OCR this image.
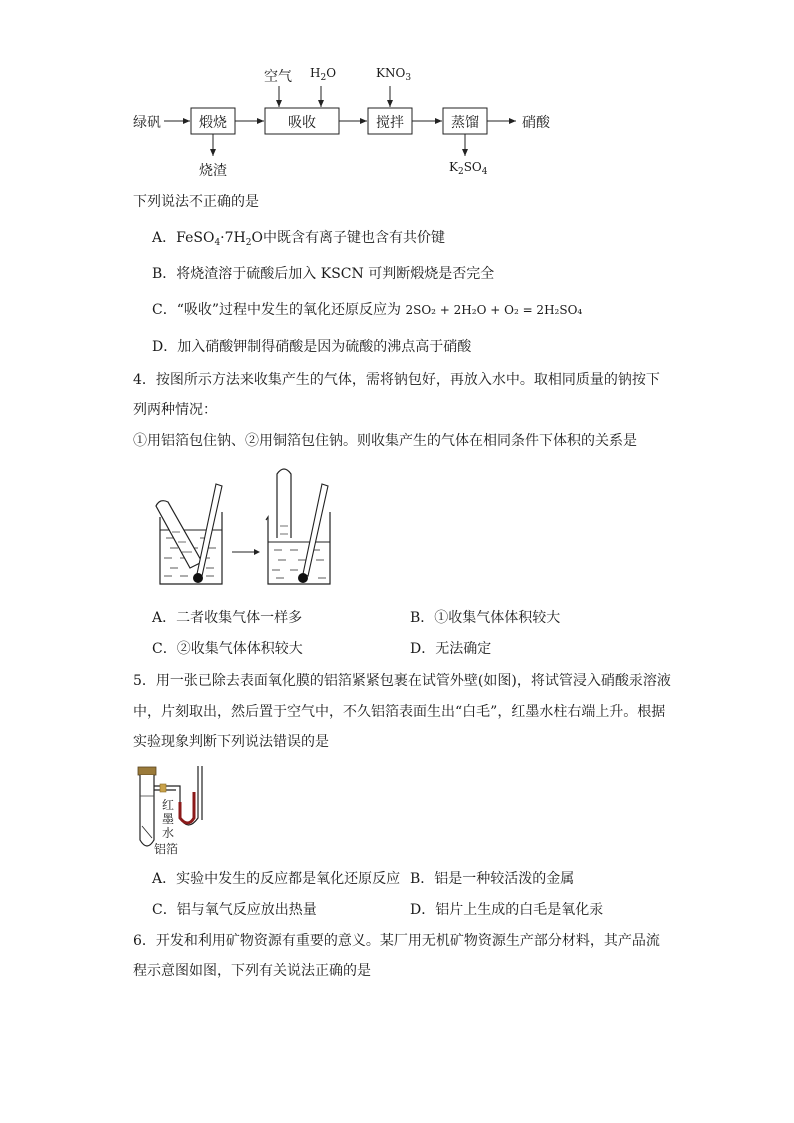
绿矾	煅烧	吸收	搅拌	蒸馏	硝酸
烧渣
空气 $H_2O$	$KNO_3$
$K_2SO_4$
下列说法不正确的是
A．$FeSO_4\cdot 7H_2O$中既含有离子键也含有共价键
B．将烧渣溶于硫酸后加入 KSCN 可判断煅烧是否完全
C．“吸收”过程中发生的氧化还原反应为 2SO₂ + 2H₂O + O₂ = 2H₂SO₄
D．加入硝酸钾制得硝酸是因为硫酸的沸点高于硝酸
4．按图所示方法来收集产生的气体，需将钠包好，再放入水中。取相同质量的钠按下
列两种情况：
①用铝箔包住钠、②用铜箔包住钠。则收集产生的气体在相同条件下体积的关系是
A．二者收集气体一样多	B．①收集气体体积较大
C．②收集气体体积较大	D．无法确定
5．用一张已除去表面氧化膜的铝箔紧紧包裹在试管外壁(如图)，将试管浸入硝酸汞溶液
中，片刻取出，然后置于空气中，不久铝箔表面生出“白毛”，红墨水柱右端上升。根据
实验现象判断下列说法错误的是
红
墨
水
铝箔
A．实验中发生的反应都是氧化还原反应 B．铝是一种较活泼的金属
C．铝与氧气反应放出热量	D．铝片上生成的白毛是氧化汞
6．开发和利用矿物资源有重要的意义。某厂用无机矿物资源生产部分材料，其产品流
程示意图如图，下列有关说法正确的是
